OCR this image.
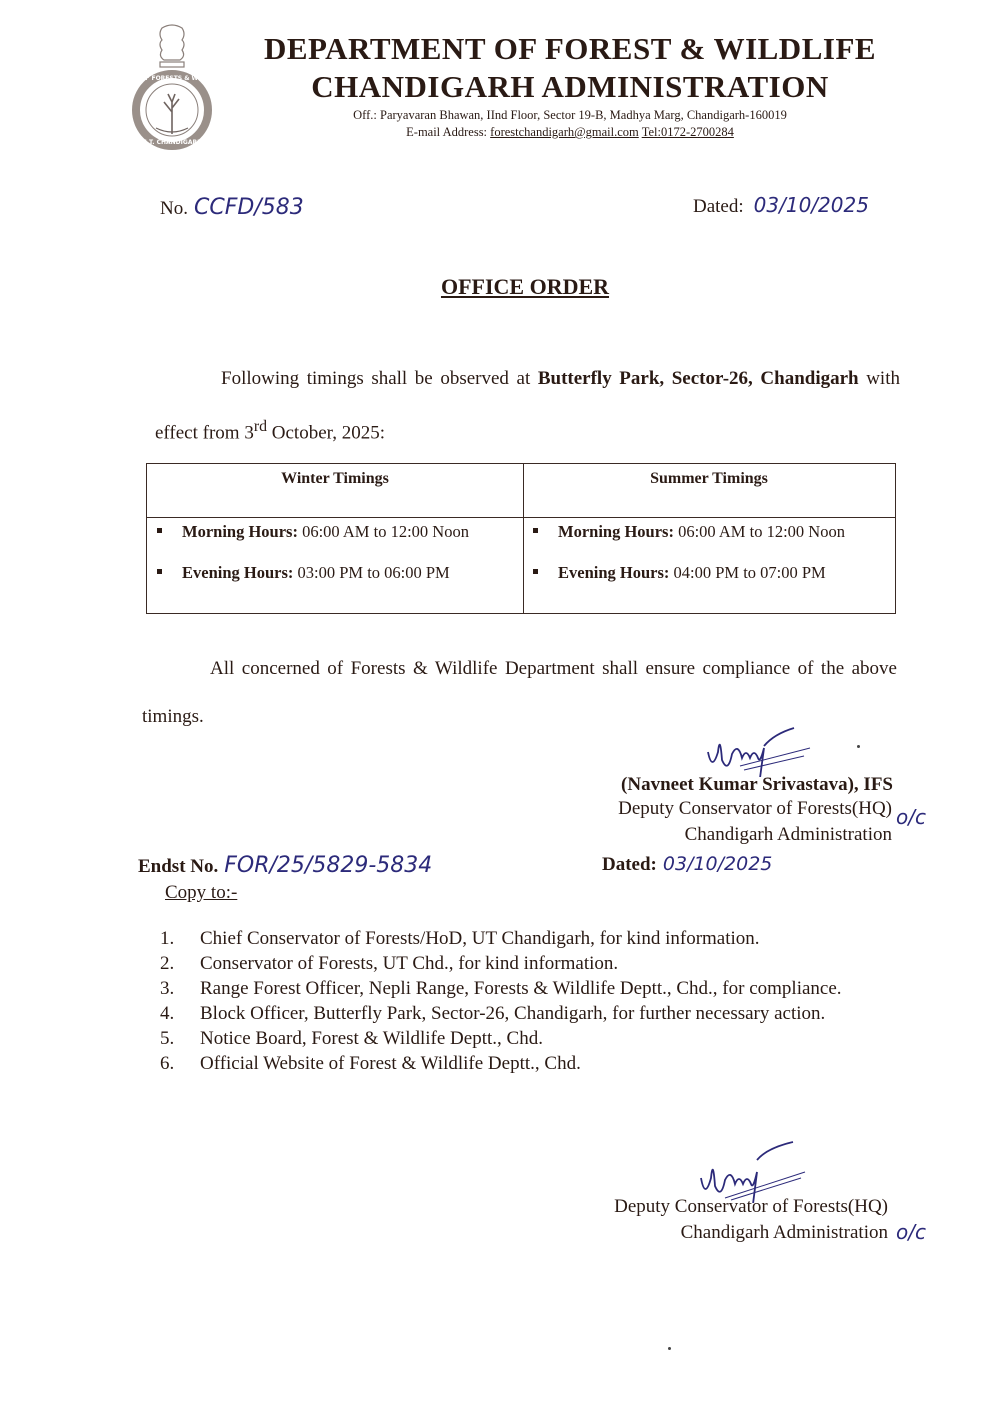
DEPT OF FORESTS & WILDLIFE
U.T. CHANDIGARH
DEPARTMENT OF FOREST & WILDLIFE
CHANDIGARH ADMINISTRATION
Off.: Paryavaran Bhawan, IInd Floor, Sector 19-B, Madhya Marg, Chandigarh-160019
E-mail Address: forestchandigarh@gmail.com Tel:0172-2700284
No. CCFD/583	Dated: 03/10/2025
OFFICE ORDER
Following timings shall be observed at Butterfly Park, Sector-26, Chandigarh with effect from 3rd October, 2025:
Winter Timings
Morning Hours: 06:00 AM to 12:00 Noon
Evening Hours: 03:00 PM to 06:00 PM
Summer Timings
Morning Hours: 06:00 AM to 12:00 Noon
Evening Hours: 04:00 PM to 07:00 PM
All concerned of Forests & Wildlife Department shall ensure compliance of the above timings.
(Navneet Kumar Srivastava), IFS
Deputy Conservator of Forests(HQ)
Chandigarh Administration
o/c
Endst No. FOR/25/5829-5834	Dated: 03/10/2025
Copy to:-
1. Chief Conservator of Forests/HoD, UT Chandigarh, for kind information.
2. Conservator of Forests, UT Chd., for kind information.
3. Range Forest Officer, Nepli Range, Forests & Wildlife Deptt., Chd., for compliance.
4. Block Officer, Butterfly Park, Sector-26, Chandigarh, for further necessary action.
5. Notice Board, Forest & Wildlife Deptt., Chd.
6. Official Website of Forest & Wildlife Deptt., Chd.
Deputy Conservator of Forests(HQ)
Chandigarh Administration o/c
